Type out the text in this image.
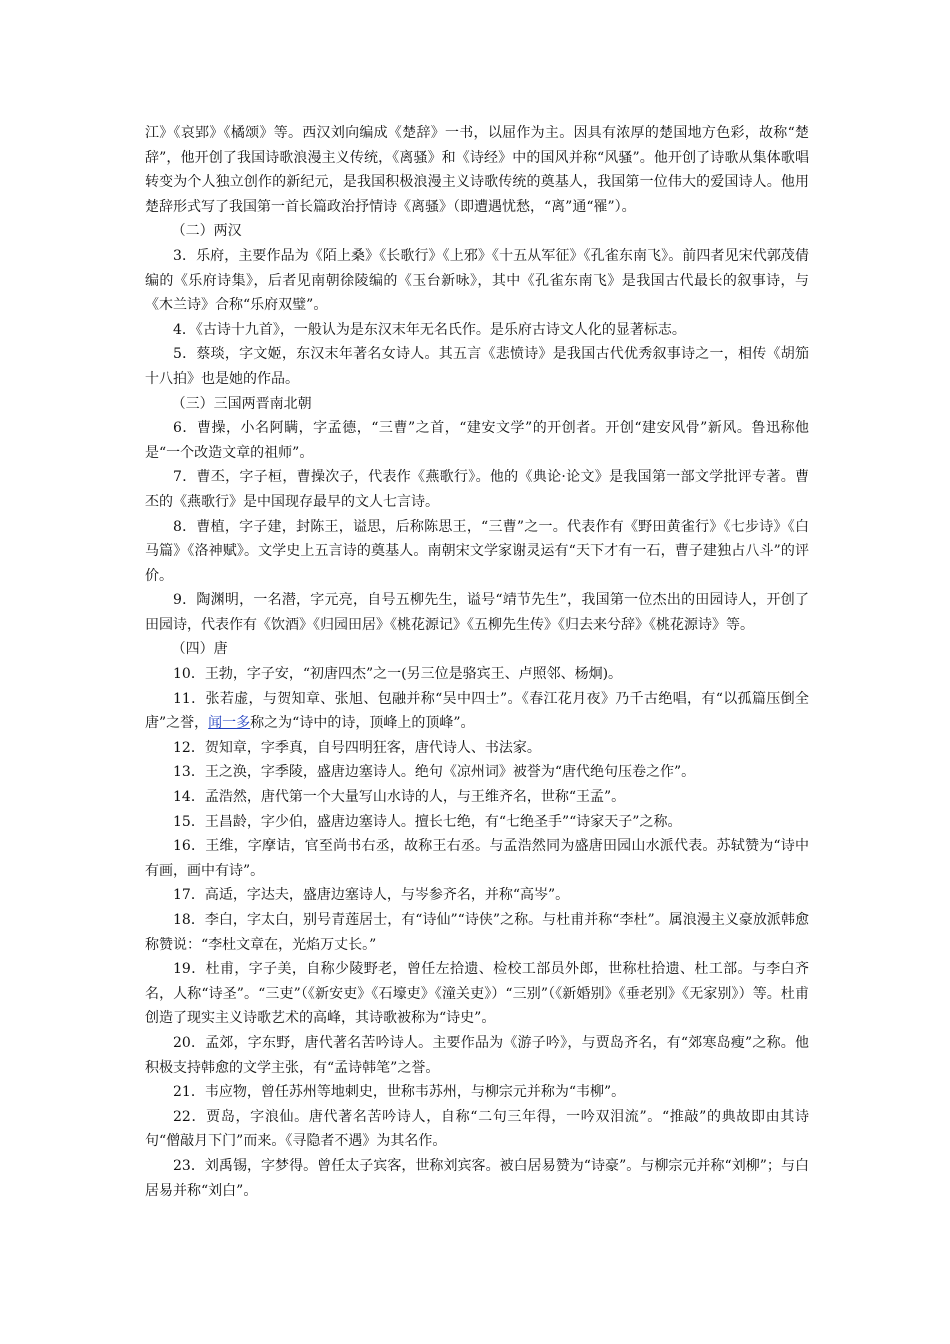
江》《哀郢》《橘颂》等。西汉刘向编成《楚辞》一书，以屈作为主。因具有浓厚的楚国地方色彩，故称“楚辞”，他开创了我国诗歌浪漫主义传统，《离骚》和《诗经》中的国风并称“风骚”。他开创了诗歌从集体歌唱转变为个人独立创作的新纪元，是我国积极浪漫主义诗歌传统的奠基人，我国第一位伟大的爱国诗人。他用楚辞形式写了我国第一首长篇政治抒情诗《离骚》（即遭遇忧愁，“离”通“罹”）。

（二）两汉

3．乐府，主要作品为《陌上桑》《长歌行》《上邪》《十五从军征》《孔雀东南飞》。前四者见宋代郭茂倩编的《乐府诗集》，后者见南朝徐陵编的《玉台新咏》，其中《孔雀东南飞》是我国古代最长的叙事诗，与《木兰诗》合称“乐府双璧”。

4．《古诗十九首》，一般认为是东汉末年无名氏作。是乐府古诗文人化的显著标志。

5．蔡琰，字文姬，东汉末年著名女诗人。其五言《悲愤诗》是我国古代优秀叙事诗之一，相传《胡笳十八拍》也是她的作品。

（三）三国两晋南北朝

6．曹操，小名阿瞒，字孟德，“三曹”之首，“建安文学”的开创者。开创“建安风骨”新风。鲁迅称他是“一个改造文章的祖师”。

7．曹丕，字子桓，曹操次子，代表作《燕歌行》。他的《典论·论文》是我国第一部文学批评专著。曹丕的《燕歌行》是中国现存最早的文人七言诗。

8．曹植，字子建，封陈王，谥思，后称陈思王，“三曹”之一。代表作有《野田黄雀行》《七步诗》《白马篇》《洛神赋》。文学史上五言诗的奠基人。南朝宋文学家谢灵运有“天下才有一石，曹子建独占八斗”的评价。

9．陶渊明，一名潜，字元亮，自号五柳先生，谥号“靖节先生”，我国第一位杰出的田园诗人，开创了田园诗，代表作有《饮酒》《归园田居》《桃花源记》《五柳先生传》《归去来兮辞》《桃花源诗》等。

（四）唐

10．王勃，字子安，“初唐四杰”之一(另三位是骆宾王、卢照邻、杨炯)。

11．张若虚，与贺知章、张旭、包融并称“吴中四士”。《春江花月夜》乃千古绝唱，有“以孤篇压倒全唐”之誉，闻一多称之为“诗中的诗，顶峰上的顶峰”。

12．贺知章，字季真，自号四明狂客，唐代诗人、书法家。

13．王之涣，字季陵，盛唐边塞诗人。绝句《凉州词》被誉为“唐代绝句压卷之作”。

14．孟浩然，唐代第一个大量写山水诗的人，与王维齐名，世称“王孟”。

15．王昌龄，字少伯，盛唐边塞诗人。擅长七绝，有“七绝圣手”“诗家天子”之称。

16．王维，字摩诘，官至尚书右丞，故称王右丞。与孟浩然同为盛唐田园山水派代表。苏轼赞为“诗中有画，画中有诗”。

17．高适，字达夫，盛唐边塞诗人，与岑参齐名，并称“高岑”。

18．李白，字太白，别号青莲居士，有“诗仙”“诗侠”之称。与杜甫并称“李杜”。属浪漫主义豪放派韩愈称赞说：“李杜文章在，光焰万丈长。”

19．杜甫，字子美，自称少陵野老，曾任左拾遗、检校工部员外郎，世称杜拾遗、杜工部。与李白齐名，人称“诗圣”。“三吏”（《新安吏》《石壕吏》《潼关吏》）“三别”（《新婚别》《垂老别》《无家别》）等。杜甫创造了现实主义诗歌艺术的高峰，其诗歌被称为“诗史”。

20．孟郊，字东野，唐代著名苦吟诗人。主要作品为《游子吟》，与贾岛齐名，有“郊寒岛瘦”之称。他积极支持韩愈的文学主张，有“孟诗韩笔”之誉。

21．韦应物，曾任苏州等地刺史，世称韦苏州，与柳宗元并称为“韦柳”。

22．贾岛，字浪仙。唐代著名苦吟诗人，自称“二句三年得，一吟双泪流”。“推敲”的典故即由其诗句“僧敲月下门”而来。《寻隐者不遇》为其名作。

23．刘禹锡，字梦得。曾任太子宾客，世称刘宾客。被白居易赞为“诗豪”。与柳宗元并称“刘柳”；与白居易并称“刘白”。
